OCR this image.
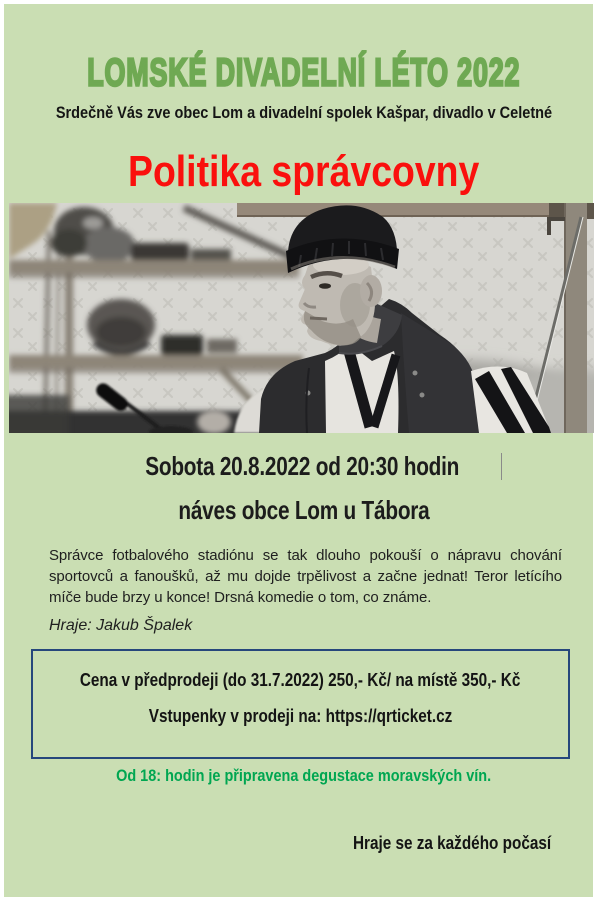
LOMSKÉ DIVADELNÍ LÉTO 2022

Srdečně Vás zve obec Lom a divadelní spolek Kašpar, divadlo v Celetné

Politika správcovny

Sobota 20.8.2022 od 20:30 hodin

náves obce Lom u Tábora

Správce fotbalového stadiónu se tak dlouho pokouší o nápravu chování sportovců a fanoušků, až mu dojde trpělivost a začne jednat! Teror letícího míče bude brzy u konce! Drsná komedie o tom, co známe.

Hraje: Jakub Špalek

Cena v předprodeji (do 31.7.2022) 250,- Kč/ na místě 350,- Kč

Vstupenky v prodeji na: https://qrticket.cz

Od 18: hodin je připravena degustace moravských vín.

Hraje se za každého počasí
